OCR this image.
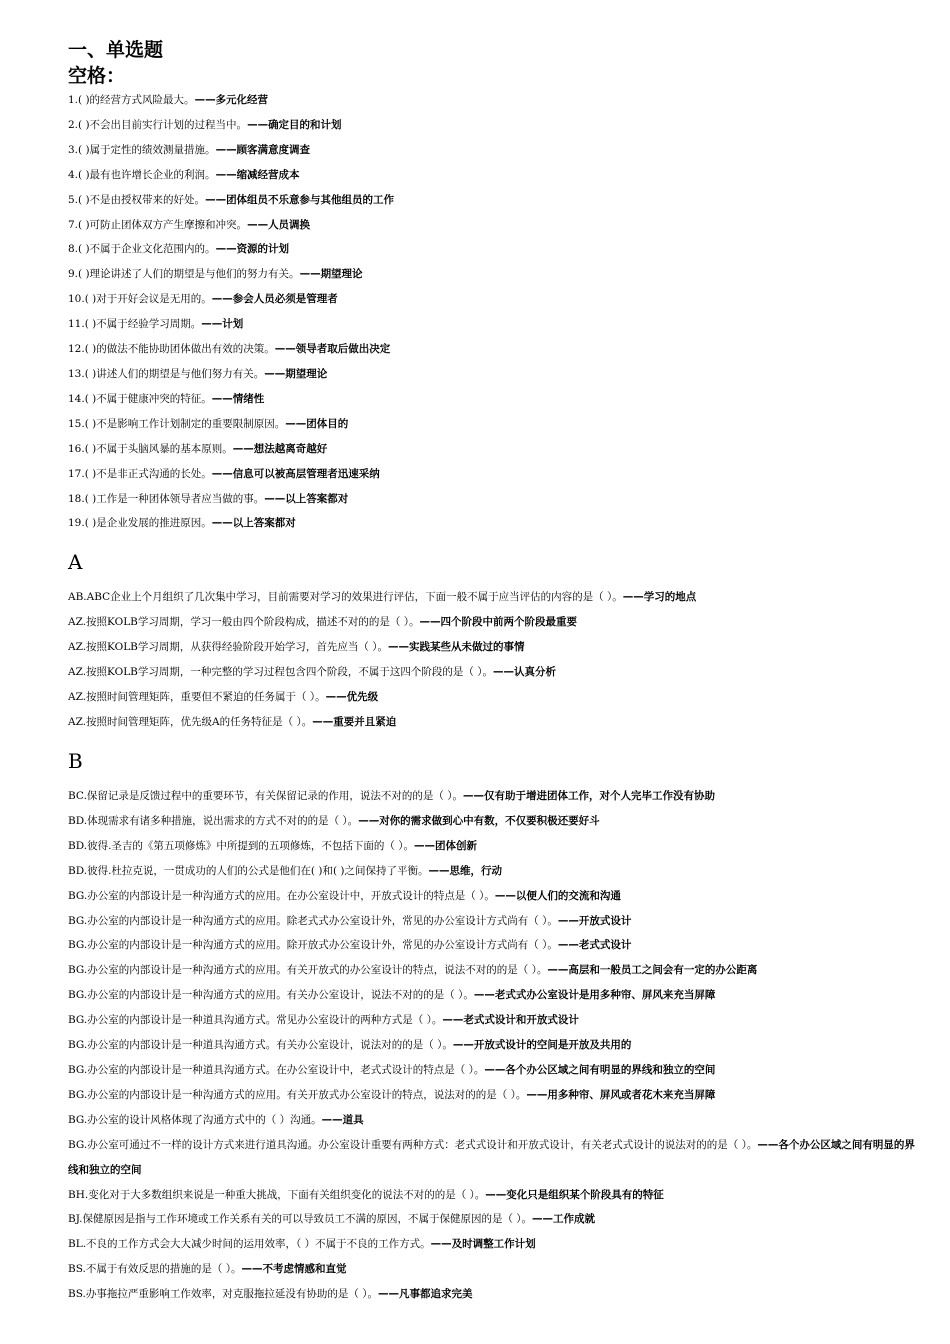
一、单选题
空格：
1.( )的经营方式风险最大。——多元化经营
2.( )不会出目前实行计划的过程当中。——确定目的和计划
3.( )属于定性的绩效测量措施。——顾客满意度调查
4.( )最有也许增长企业的利润。——缩减经营成本
5.( )不是由授权带来的好处。——团体组员不乐意参与其他组员的工作
7.( )可防止团体双方产生摩擦和冲突。——人员调换
8.( )不属于企业文化范围内的。——资源的计划
9.( )理论讲述了人们的期望是与他们的努力有关。——期望理论
10.( )对于开好会议是无用的。——参会人员必须是管理者
11.( )不属于经验学习周期。——计划
12.( )的做法不能协助团体做出有效的决策。——领导者取后做出决定
13.( )讲述人们的期望是与他们努力有关。——期望理论
14.( )不属于健康冲突的特征。——情绪性
15.( )不是影响工作计划制定的重要限制原因。——团体目的
16.( )不属于头脑风暴的基本原则。——想法越离奇越好
17.( )不是非正式沟通的长处。——信息可以被高层管理者迅速采纳
18.( )工作是一种团体领导者应当做的事。——以上答案都对
19.( )是企业发展的推进原因。——以上答案都对
A
AB.ABC企业上个月组织了几次集中学习，目前需要对学习的效果进行评估，下面一般不属于应当评估的内容的是（ ）。——学习的地点
AZ.按照KOLB学习周期，学习一般由四个阶段构成，描述不对的的是（ ）。——四个阶段中前两个阶段最重要
AZ.按照KOLB学习周期，从获得经验阶段开始学习，首先应当（ ）。——实践某些从未做过的事情
AZ.按照KOLB学习周期，一种完整的学习过程包含四个阶段，不属于这四个阶段的是（ ）。——认真分析
AZ.按照时间管理矩阵，重要但不紧迫的任务属于（ ）。——优先级
AZ.按照时间管理矩阵，优先级A的任务特征是（ ）。——重要并且紧迫
B
BC.保留记录是反馈过程中的重要环节，有关保留记录的作用，说法不对的的是（ ）。——仅有助于增进团体工作，对个人完毕工作没有协助
BD.体现需求有诸多种措施，说出需求的方式不对的的是（ ）。——对你的需求做到心中有数，不仅要积极还要好斗
BD.彼得.圣吉的《第五项修炼》中所提到的五项修炼，不包括下面的（ ）。——团体创新
BD.彼得.杜拉克说，一贯成功的人们的公式是他们在( )和( )之间保持了平衡。——思维，行动
BG.办公室的内部设计是一种沟通方式的应用。在办公室设计中，开放式设计的特点是（ ）。——以便人们的交流和沟通
BG.办公室的内部设计是一种沟通方式的应用。除老式式办公室设计外，常见的办公室设计方式尚有（ ）。——开放式设计
BG.办公室的内部设计是一种沟通方式的应用。除开放式办公室设计外，常见的办公室设计方式尚有（ ）。——老式式设计
BG.办公室的内部设计是一种沟通方式的应用。有关开放式的办公室设计的特点，说法不对的的是（ ）。——高层和一般员工之间会有一定的办公距离
BG.办公室的内部设计是一种沟通方式的应用。有关办公室设计，说法不对的的是（ ）。——老式式办公室设计是用多种帘、屏风来充当屏障
BG.办公室的内部设计是一种道具沟通方式。常见办公室设计的两种方式是（ ）。——老式式设计和开放式设计
BG.办公室的内部设计是一种道具沟通方式。有关办公室设计，说法对的的是（ ）。——开放式设计的空间是开放及共用的
BG.办公室的内部设计是一种道具沟通方式。在办公室设计中，老式式设计的特点是（ ）。——各个办公区域之间有明显的界线和独立的空间
BG.办公室的内部设计是一种沟通方式的应用。有关开放式办公室设计的特点，说法对的的是（ ）。——用多种帘、屏风或者花木来充当屏障
BG.办公室的设计风格体现了沟通方式中的（ ）沟通。——道具
BG.办公室可通过不一样的设计方式来进行道具沟通。办公室设计重要有两种方式：老式式设计和开放式设计，有关老式式设计的说法对的的是（ ）。——各个办公区域之间有明显的界线和独立的空间
BH.变化对于大多数组织来说是一种重大挑战，下面有关组织变化的说法不对的的是（ ）。——变化只是组织某个阶段具有的特征
BJ.保健原因是指与工作环境或工作关系有关的可以导致员工不满的原因，不属于保健原因的是（ ）。——工作成就
BL.不良的工作方式会大大减少时间的运用效率，（ ）不属于不良的工作方式。——及时调整工作计划
BS.不属于有效反思的措施的是（ ）。——不考虑情感和直觉
BS.办事拖拉严重影响工作效率，对克服拖拉延没有协助的是（ ）。——凡事都追求完美
